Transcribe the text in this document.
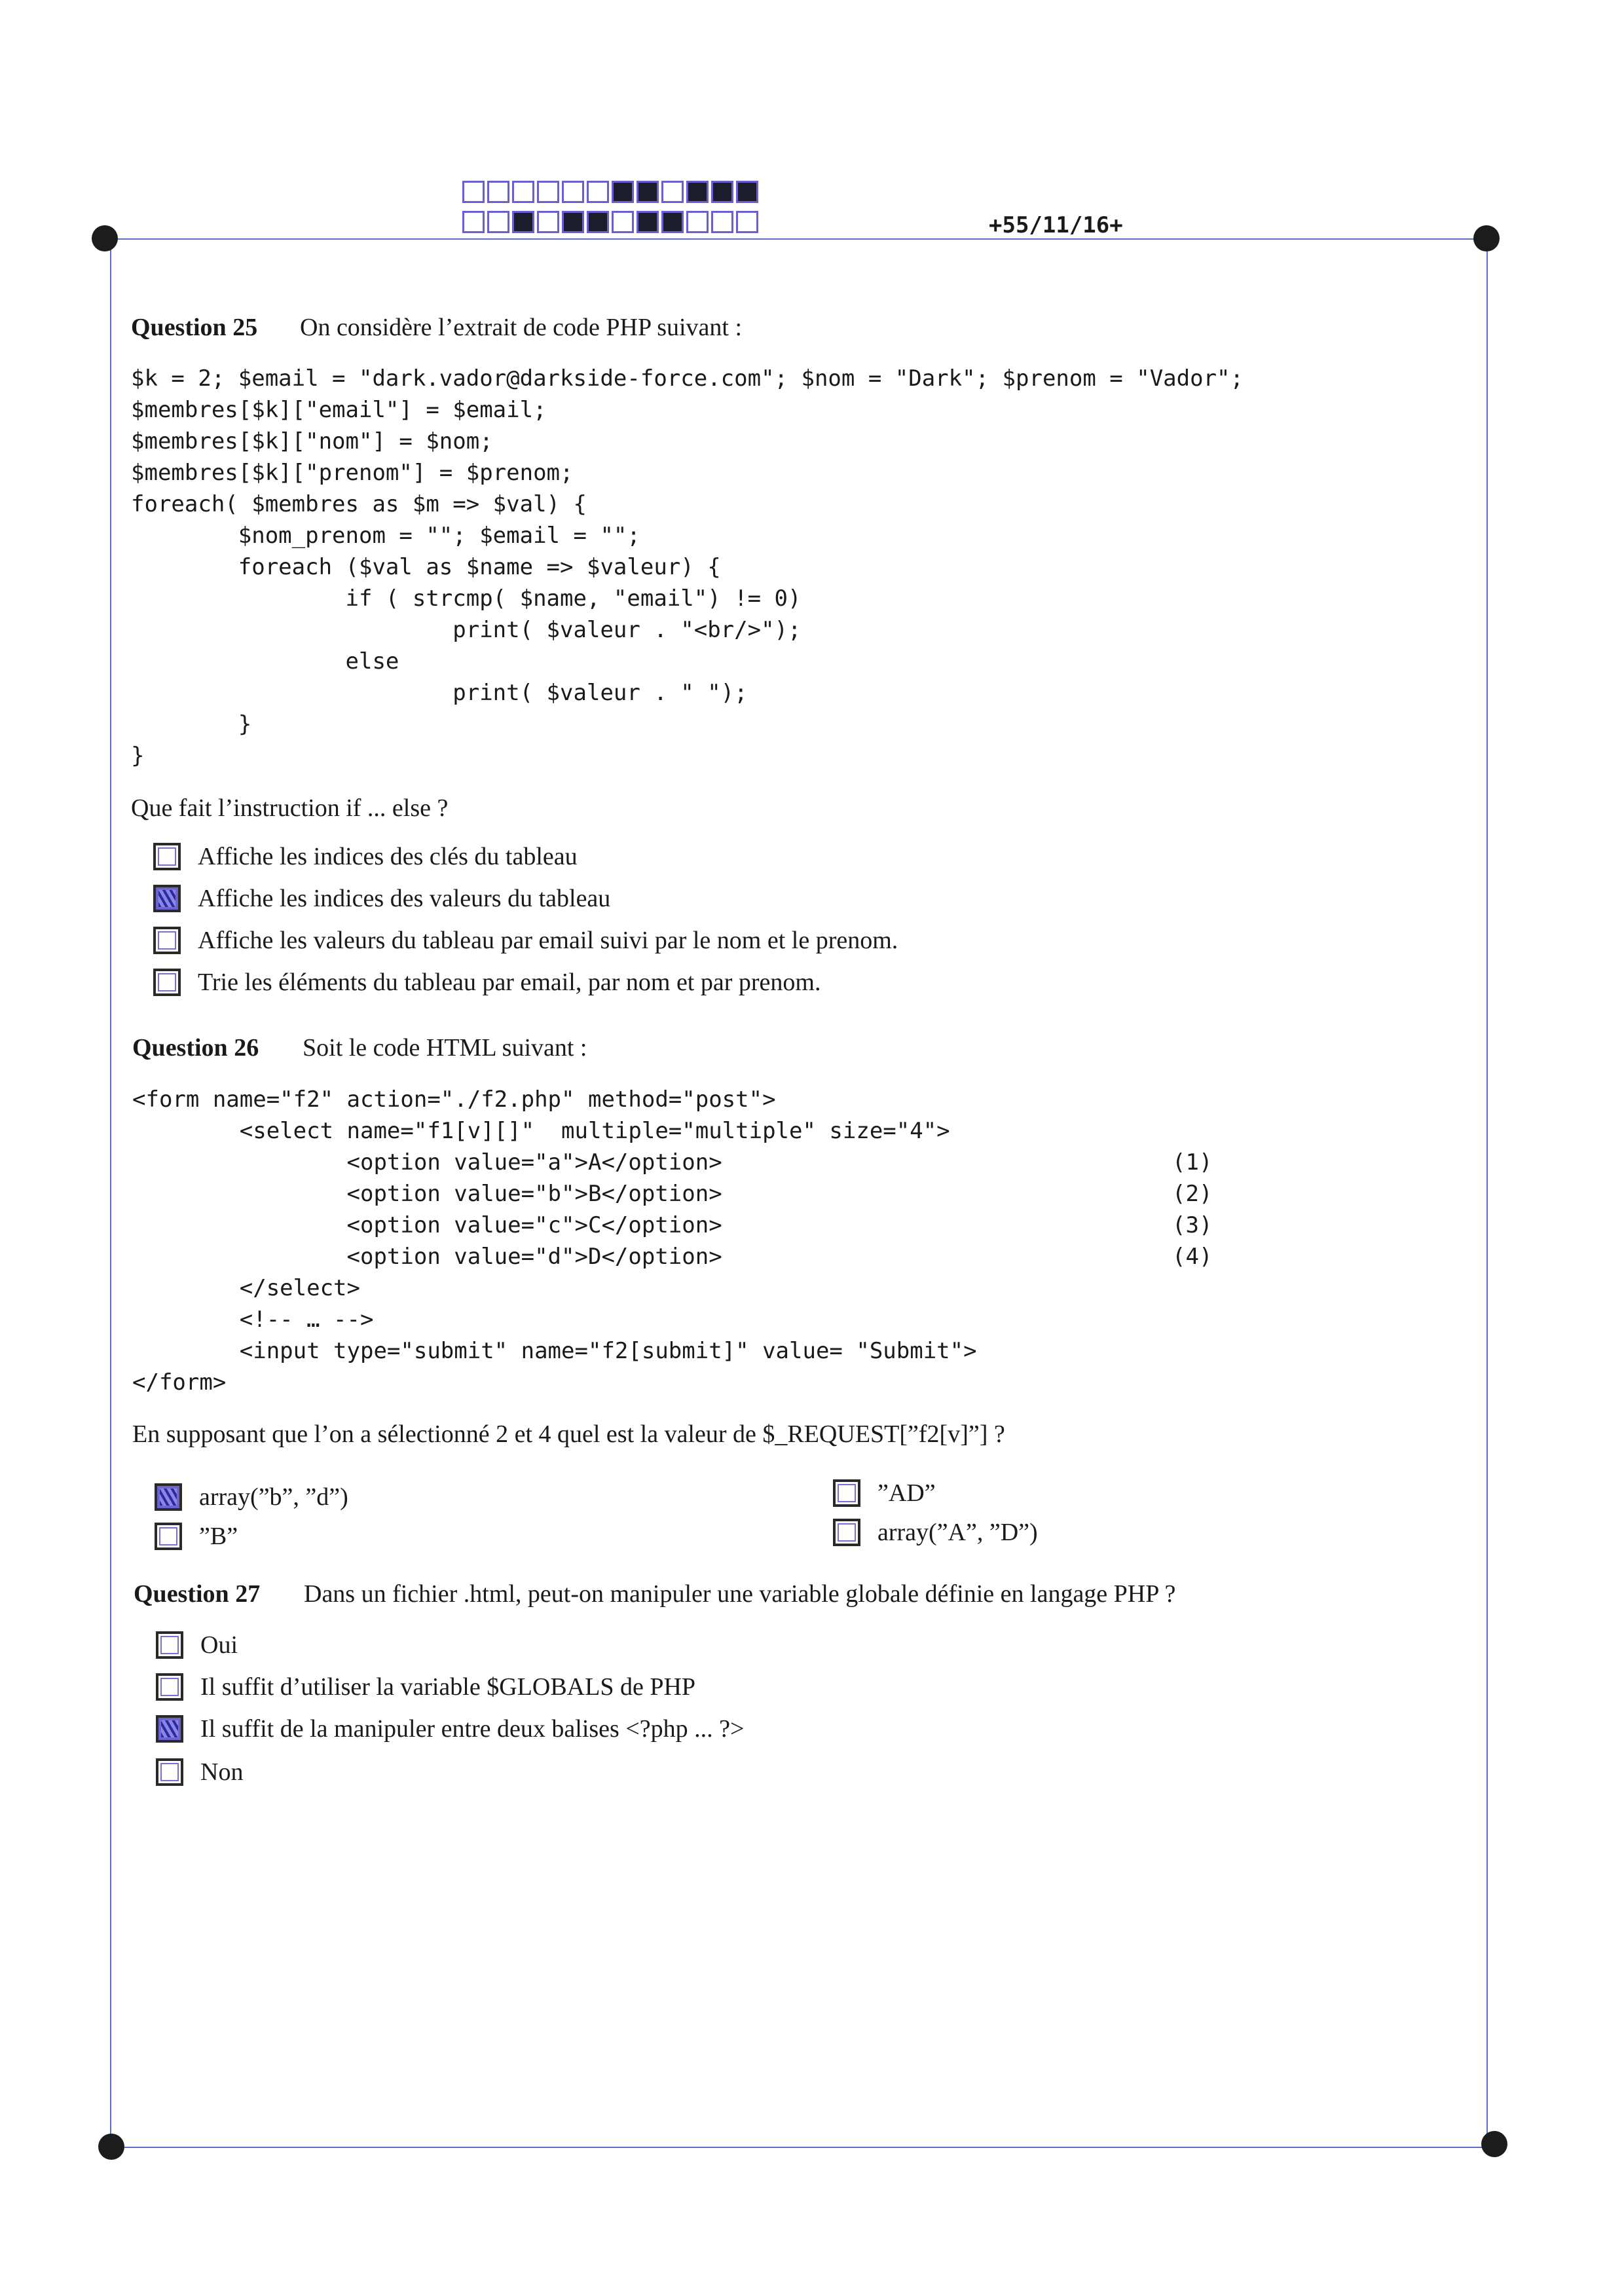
+55/11/16+
Question 25 On considère l’extrait de code PHP suivant :
$k = 2; $email = "dark.vador@darkside-force.com"; $nom = "Dark"; $prenom = "Vador";
$membres[$k]["email"] = $email;
$membres[$k]["nom"] = $nom;
$membres[$k]["prenom"] = $prenom;
foreach( $membres as $m => $val) {
$nom_prenom = ""; $email = "";
foreach ($val as $name => $valeur) {
if ( strcmp( $name, "email") != 0)
print( $valeur . "<br/>");
else
print( $valeur . " ");
}
}
Que fait l’instruction if ... else ?
Affiche les indices des clés du tableau
Affiche les indices des valeurs du tableau
Affiche les valeurs du tableau par email suivi par le nom et le prenom.
Trie les éléments du tableau par email, par nom et par prenom.
Question 26 Soit le code HTML suivant :
<form name="f2" action="./f2.php" method="post">
<select name="f1[v][]"  multiple="multiple" size="4">
<option value="a">A</option>
<option value="b">B</option>
<option value="c">C</option>
<option value="d">D</option>
</select>
<!-- … -->
<input type="submit" name="f2[submit]" value= "Submit">
</form>
(1)
(2)
(3)
(4)
En supposant que l’on a sélectionné 2 et 4 quel est la valeur de $_REQUEST[”f2[v]”] ?
array(”b”, ”d”)	”AD”
”B”	array(”A”, ”D”)
Question 27 Dans un fichier .html, peut-on manipuler une variable globale définie en langage PHP ?
Oui
Il suffit d’utiliser la variable $GLOBALS de PHP
Il suffit de la manipuler entre deux balises <?php ... ?>
Non
